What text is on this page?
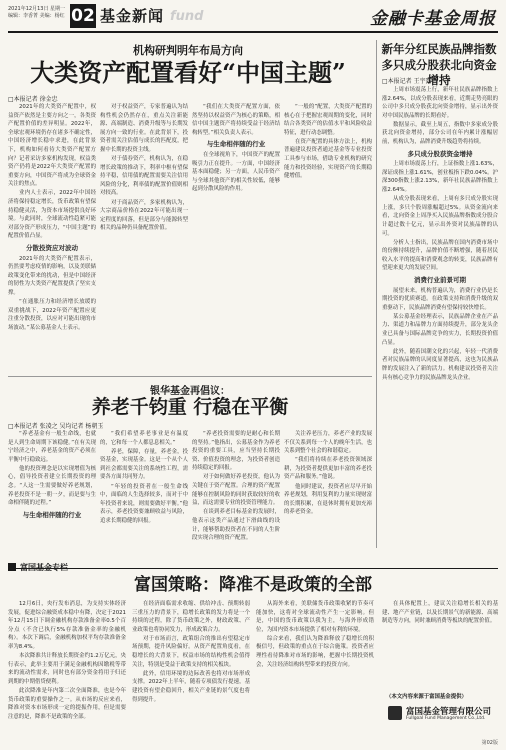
2021年12月13日 星期一
编辑：李香菁 美编：杨红 02 基金新闻 fund	金融卡基金周报
机构研判明年布局方向
大类资产配置看好“中国主题”
□本报记者 徐金忠

2021年的大类资产配置中，权益资产依然是主要方向之一，各类资产配置价值的差异明显。2022年，全球宏观环境仍存在诸多不确定性，中国经济增长稳中求进，在此背景下，机构如何看待大类资产配置方向？记者采访多家机构发现，权益类资产仍将是2022年大类资产配置的重要方向，中国资产将成为全球资金关注的焦点。

业内人士表示，2022年中国经济将保持稳定增长，货币政策有望保持稳健灵活，为资本市场提供良好环境。与此同时，全球流动性趋紧可能对部分资产形成压力，“中国主题”的配置价值凸显。

分散投资应对波动

2021年的大类资产配置表示，仍然要考虑疫情的影响，以及美联储政策变化带来的扰动，但是中国经济的韧性为大类资产配置提供了坚实支撑。

“在通胀压力和经济增长放缓的双重挑战下，2022年资产配置应更注重分散投资，以应对可能出现的市场波动。”某公募基金人士表示。

对于权益资产，专家普遍认为结构性机会仍然存在，重点关注新能源、高端制造、消费升级等与长期发展方向一致的行业。在此背景下，投资者需关注估值与成长的匹配度，把握中长期的投资主线。

对于债券资产，机构认为，在稳增长政策的推动下，利率中枢有望保持平稳，信用债的配置需要关注信用风险的分化，利率债的配置价值则相对较高。

对于商品资产，多家机构认为，大宗商品价格在2022年可能出现一定程度的回落，但是部分与能源转型相关的品种仍具备配置价值。

“我们在大类资产配置方面，依然坚持以权益资产为核心的策略，相信中国主题资产将持续受益于经济结构转型。”相关负责人表示。

与生命相伴随的行业

在全球视角下，中国资产的配置吸引力正在提升。一方面，中国经济基本面稳健；另一方面，人民币资产与全球其他资产的相关性较低，能够起到分散风险的作用。

“一般的”配置，大类资产配置的核心在于把握宏观周期的变化，同时结合各类资产的估值水平和风险收益特征，进行动态调整。

在资产配置的具体方法上，机构普遍建议投资者通过基金等专业投资工具参与市场，借助专业机构的研究能力和投资经验，实现资产的长期稳健增值。

银华基金再倡议：
养老千钧重 行稳在平衡
□本报记者 张凌之 吴均记者 杨朝玉

“养老基金有一般生命线，也就是人到生命周期下该稳健。”在有关现宁经济之中，养老基金的资产必须在平衡中行稳致远。

他的投资理念是以实现增值为核心，倡导投资者建立长期投资的理念。“人这一生需要做好养老规划，养老投资不是一朝一夕，而是要与生命相伴随的过程。”

与生命相伴随的行业

“我们希望养老事业是有温度的，它和每一个人都息息相关。”

养老，保障，存量，养老金，投资基金，实现基金。这是一个从个人到社会都需要关注的系统性工程，需要各方面共同努力。

“年轻的投资者在一般生命线中，面临的人生选择较多，而对于中年投资者来说，则需要做好平衡。”他表示，养老投资要兼顾收益与风险，追求长期稳健的回报。

“养老投资需要的是耐心和长期的坚持。”他指出，公募基金作为养老投资的重要工具，应当坚持长期投资、价值投资的理念，为投资者创造持续稳定的回报。

对于如何做好养老投资，他认为关键在于资产配置。合理的资产配置能够在控制风险的同时获取较好的收益，而这需要专业的投资管理能力。

在谈到养老目标基金的发展时，他表示这类产品通过下滑曲线的设计，能够帮助投资者在不同的人生阶段实现合理的资产配置。

关注养老压力，养老产业的发展不仅关系到每一个人的晚年生活，也关系到整个社会的和谐稳定。

“我们将持续在养老投资领域深耕，为投资者提供更加丰富的养老投资产品和服务。”他说。

他同时建议，投资者应尽早开始养老规划，利用复利的力量实现财富的长期积累，在退休时拥有更加充裕的养老资金。

新年分红民族品牌指数
多只成分股获北向资金增持
□本报记者 王宇露

上周市场震荡上行，新年社民族品牌指数上涨2.64%，以成分股表现来看，近期走势亮眼的公司中多只成分股获北向资金增持，显示出外资对中国民族品牌的长期看好。

数据显示，截至上周五，指数中多家成分股获北向资金增持，部分公司在年内累计涨幅居前，机构认为，品牌消费升级趋势将持续。

多只成分股获资金增持

上周市场震荡上行，上证指数上涨1.63%，深证成指上涨1.61%，创业板指下跌0.04%。沪深300指数上涨2.13%，新年社民族品牌指数上涨2.64%。

从成分股表现来看，上周有多只成分股实现上涨，多只个股周涨幅超过5%。从资金流向来看，北向资金上周净买入民族品牌指数成分股合计超过数十亿元，显示出外资对民族品牌的认可。

分析人士指出，民族品牌在国内消费市场中的份额持续提升，品牌价值不断增强，随着居民收入水平的提高和消费观念的转变，民族品牌有望迎来更大的发展空间。

消费行业前景可期

展望未来，机构普遍认为，消费行业仍是长期投资的优质赛道。在政策支持和消费升级的双重驱动下，民族品牌消费有望保持较快增长。

某公募基金经理表示，民族品牌企业在产品力、渠道力和品牌力方面持续提升，部分龙头企业已具备与国际品牌竞争的实力，长期投资价值凸显。

此外，随着国潮文化的兴起，年轻一代消费者对民族品牌的认同度显著提高，这也为民族品牌的发展注入了新的活力。机构建议投资者关注具有核心竞争力的民族品牌龙头企业。

富国基金专栏
富国策略：降准不是政策的全部

12月6日，央行发布消息，为支持实体经济发展，促进综合融资成本稳中有降，决定于2021年12月15日下调金融机构存款准备金率0.5个百分点（不含已执行5%存款准备金率的金融机构）。本次下调后，金融机构加权平均存款准备金率为8.4%。

本次降准共计释放长期资金约1.2万亿元，央行表示，此举主要用于满足金融机构因缴税等带来的流动性需求，同时也有部分资金将用于归还到期的中期借贷便利。

此次降准是年内第二次全面降准，也是今年货币政策的重要操作之一。从市场的反应来看，降准对资本市场形成一定的提振作用，但是需要注意的是，降准不是政策的全部。

在经济面临需求收缩、供给冲击、预期转弱三重压力的背景下，稳增长政策的发力将是一个持续的过程，除了货币政策之外，财政政策、产业政策也将协同发力，形成政策合力。

对于市场而言，政策组合的推出有望稳定市场预期，提升风险偏好。从资产配置角度看，在稳增长的大背景下，权益市场的结构性机会值得关注，特别是受益于政策支持的相关板块。

此外，信用环境的边际改善也将对市场形成支撑。2022年上半年，随着专项债发行提速，基建投资有望企稳回升，相关产业链的景气度也将得到提升。

从海外来看，美联储货币政策收紧的节奏可能加快，这将对全球流动性产生一定影响。但是，中国的货币政策以我为主，与海外形成错位，为国内资本市场提供了相对有利的环境。

综合来看，我们认为降准释放了稳增长的积极信号，但政策的重点在于综合施策。投资者应理性看待降准对市场的影响，把握中长期投资机会，关注经济结构转型带来的投资方向。

在具体配置上，建议关注稳增长相关的基建、地产产业链，以及长期景气的新能源、高端制造等方向，同时兼顾消费等板块的配置价值。

（本文内容来源于富国基金提供）
富国基金管理有限公司
Fullgoal Fund Management Co.,Ltd.
第02版
